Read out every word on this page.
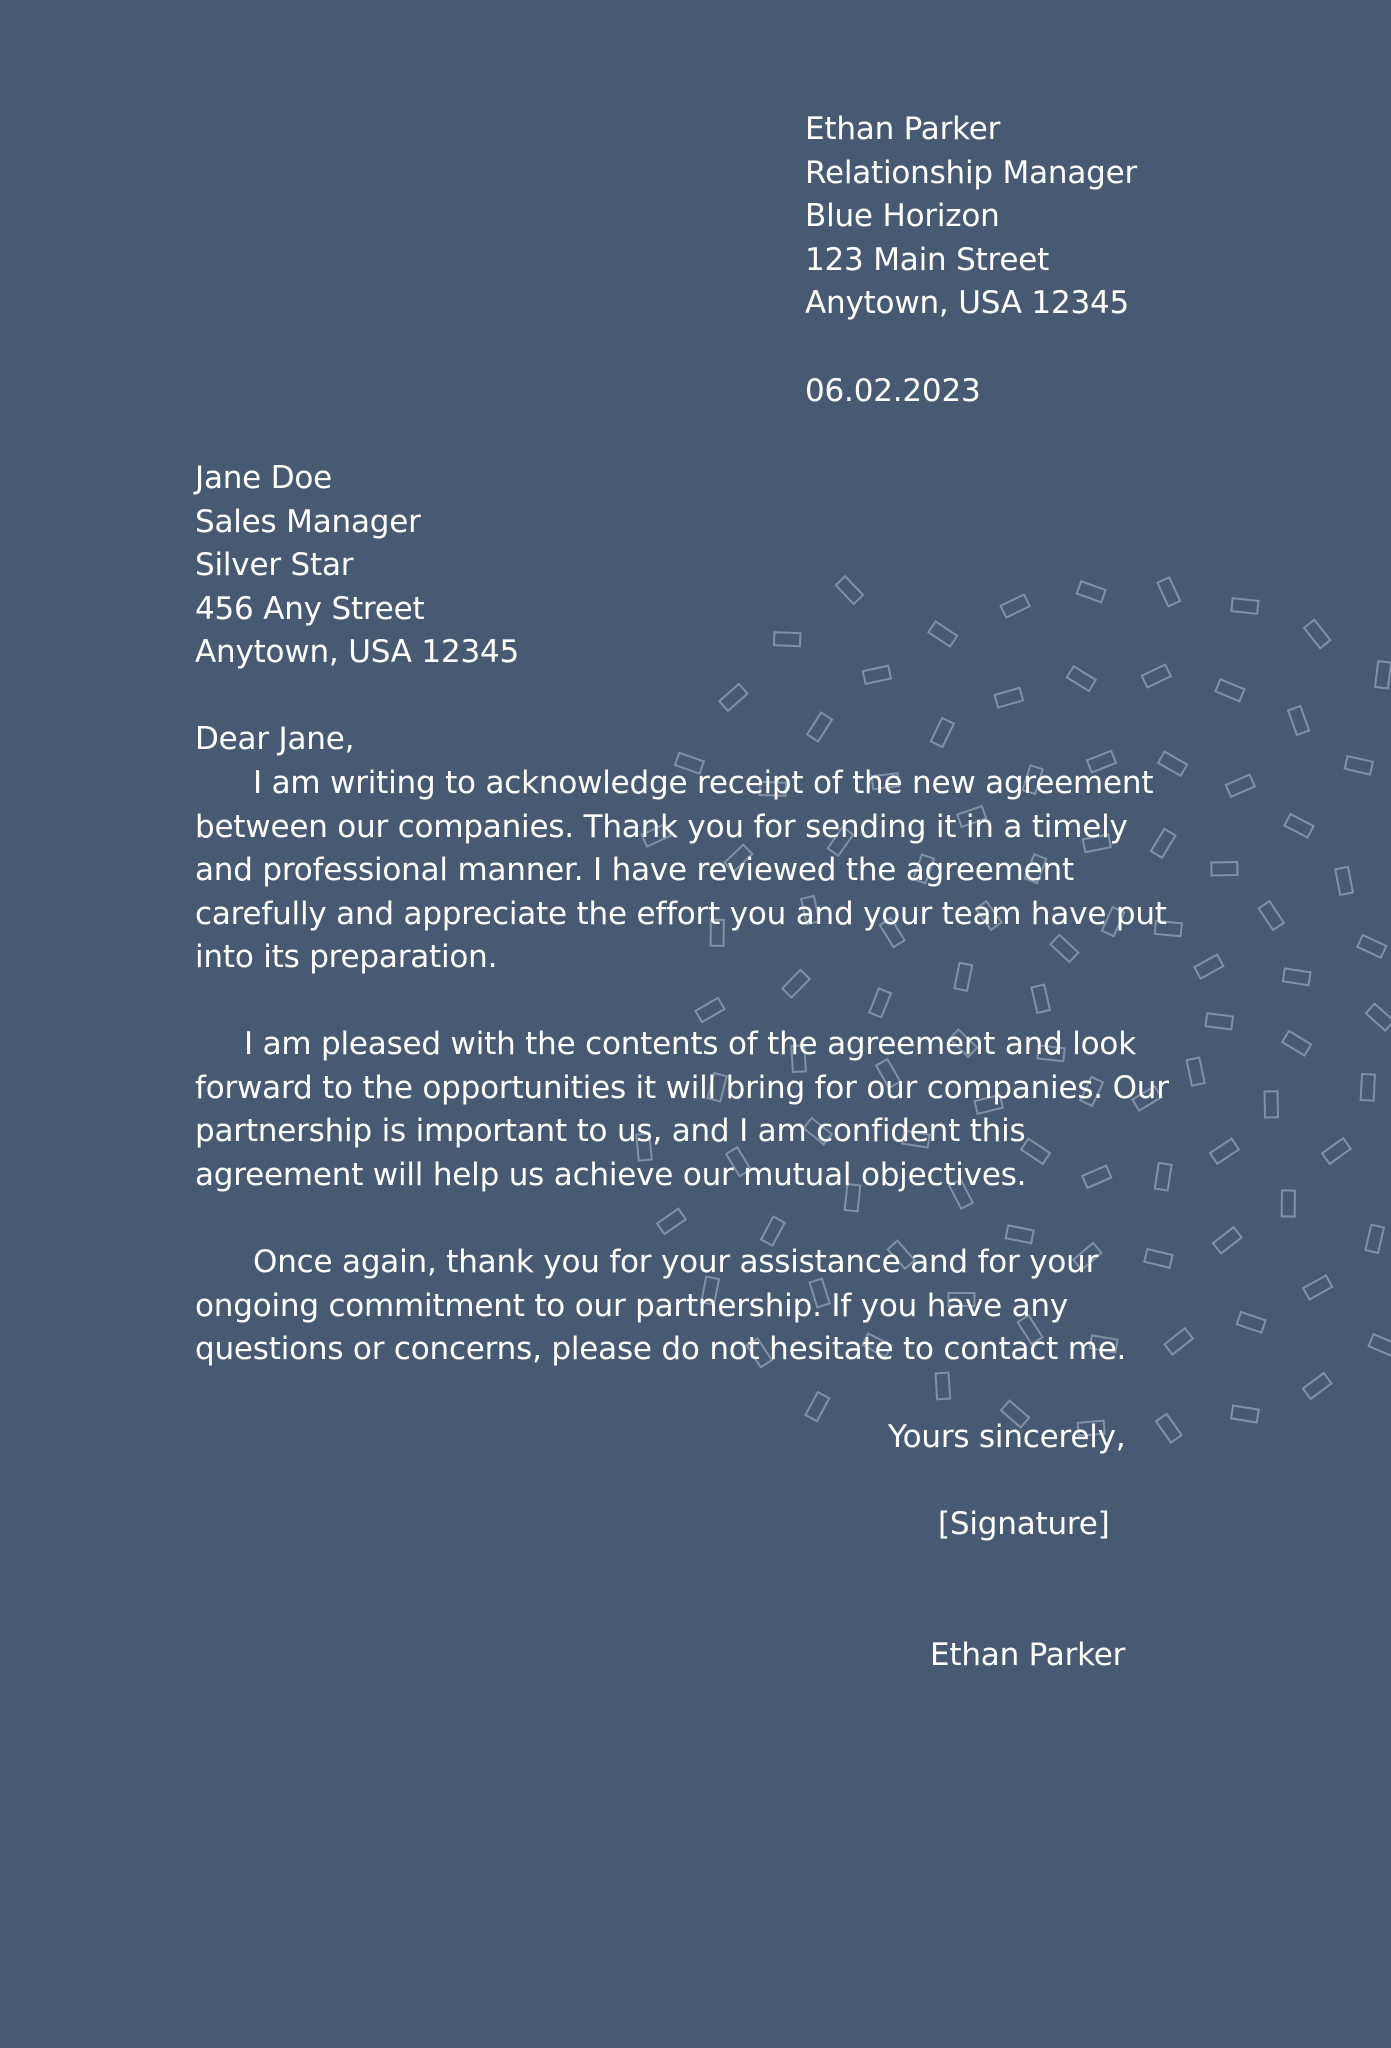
Ethan Parker
Relationship Manager
Blue Horizon
123 Main Street
Anytown, USA 12345
06.02.2023
Jane Doe
Sales Manager
Silver Star
456 Any Street
Anytown, USA 12345
Dear Jane,
I am writing to acknowledge receipt of the new agreement
between our companies. Thank you for sending it in a timely
and professional manner. I have reviewed the agreement
carefully and appreciate the effort you and your team have put
into its preparation.
I am pleased with the contents of the agreement and look
forward to the opportunities it will bring for our companies. Our
partnership is important to us, and I am confident this
agreement will help us achieve our mutual objectives.
Once again, thank you for your assistance and for your
ongoing commitment to our partnership. If you have any
questions or concerns, please do not hesitate to contact me.
Yours sincerely,
[Signature]
Ethan Parker
